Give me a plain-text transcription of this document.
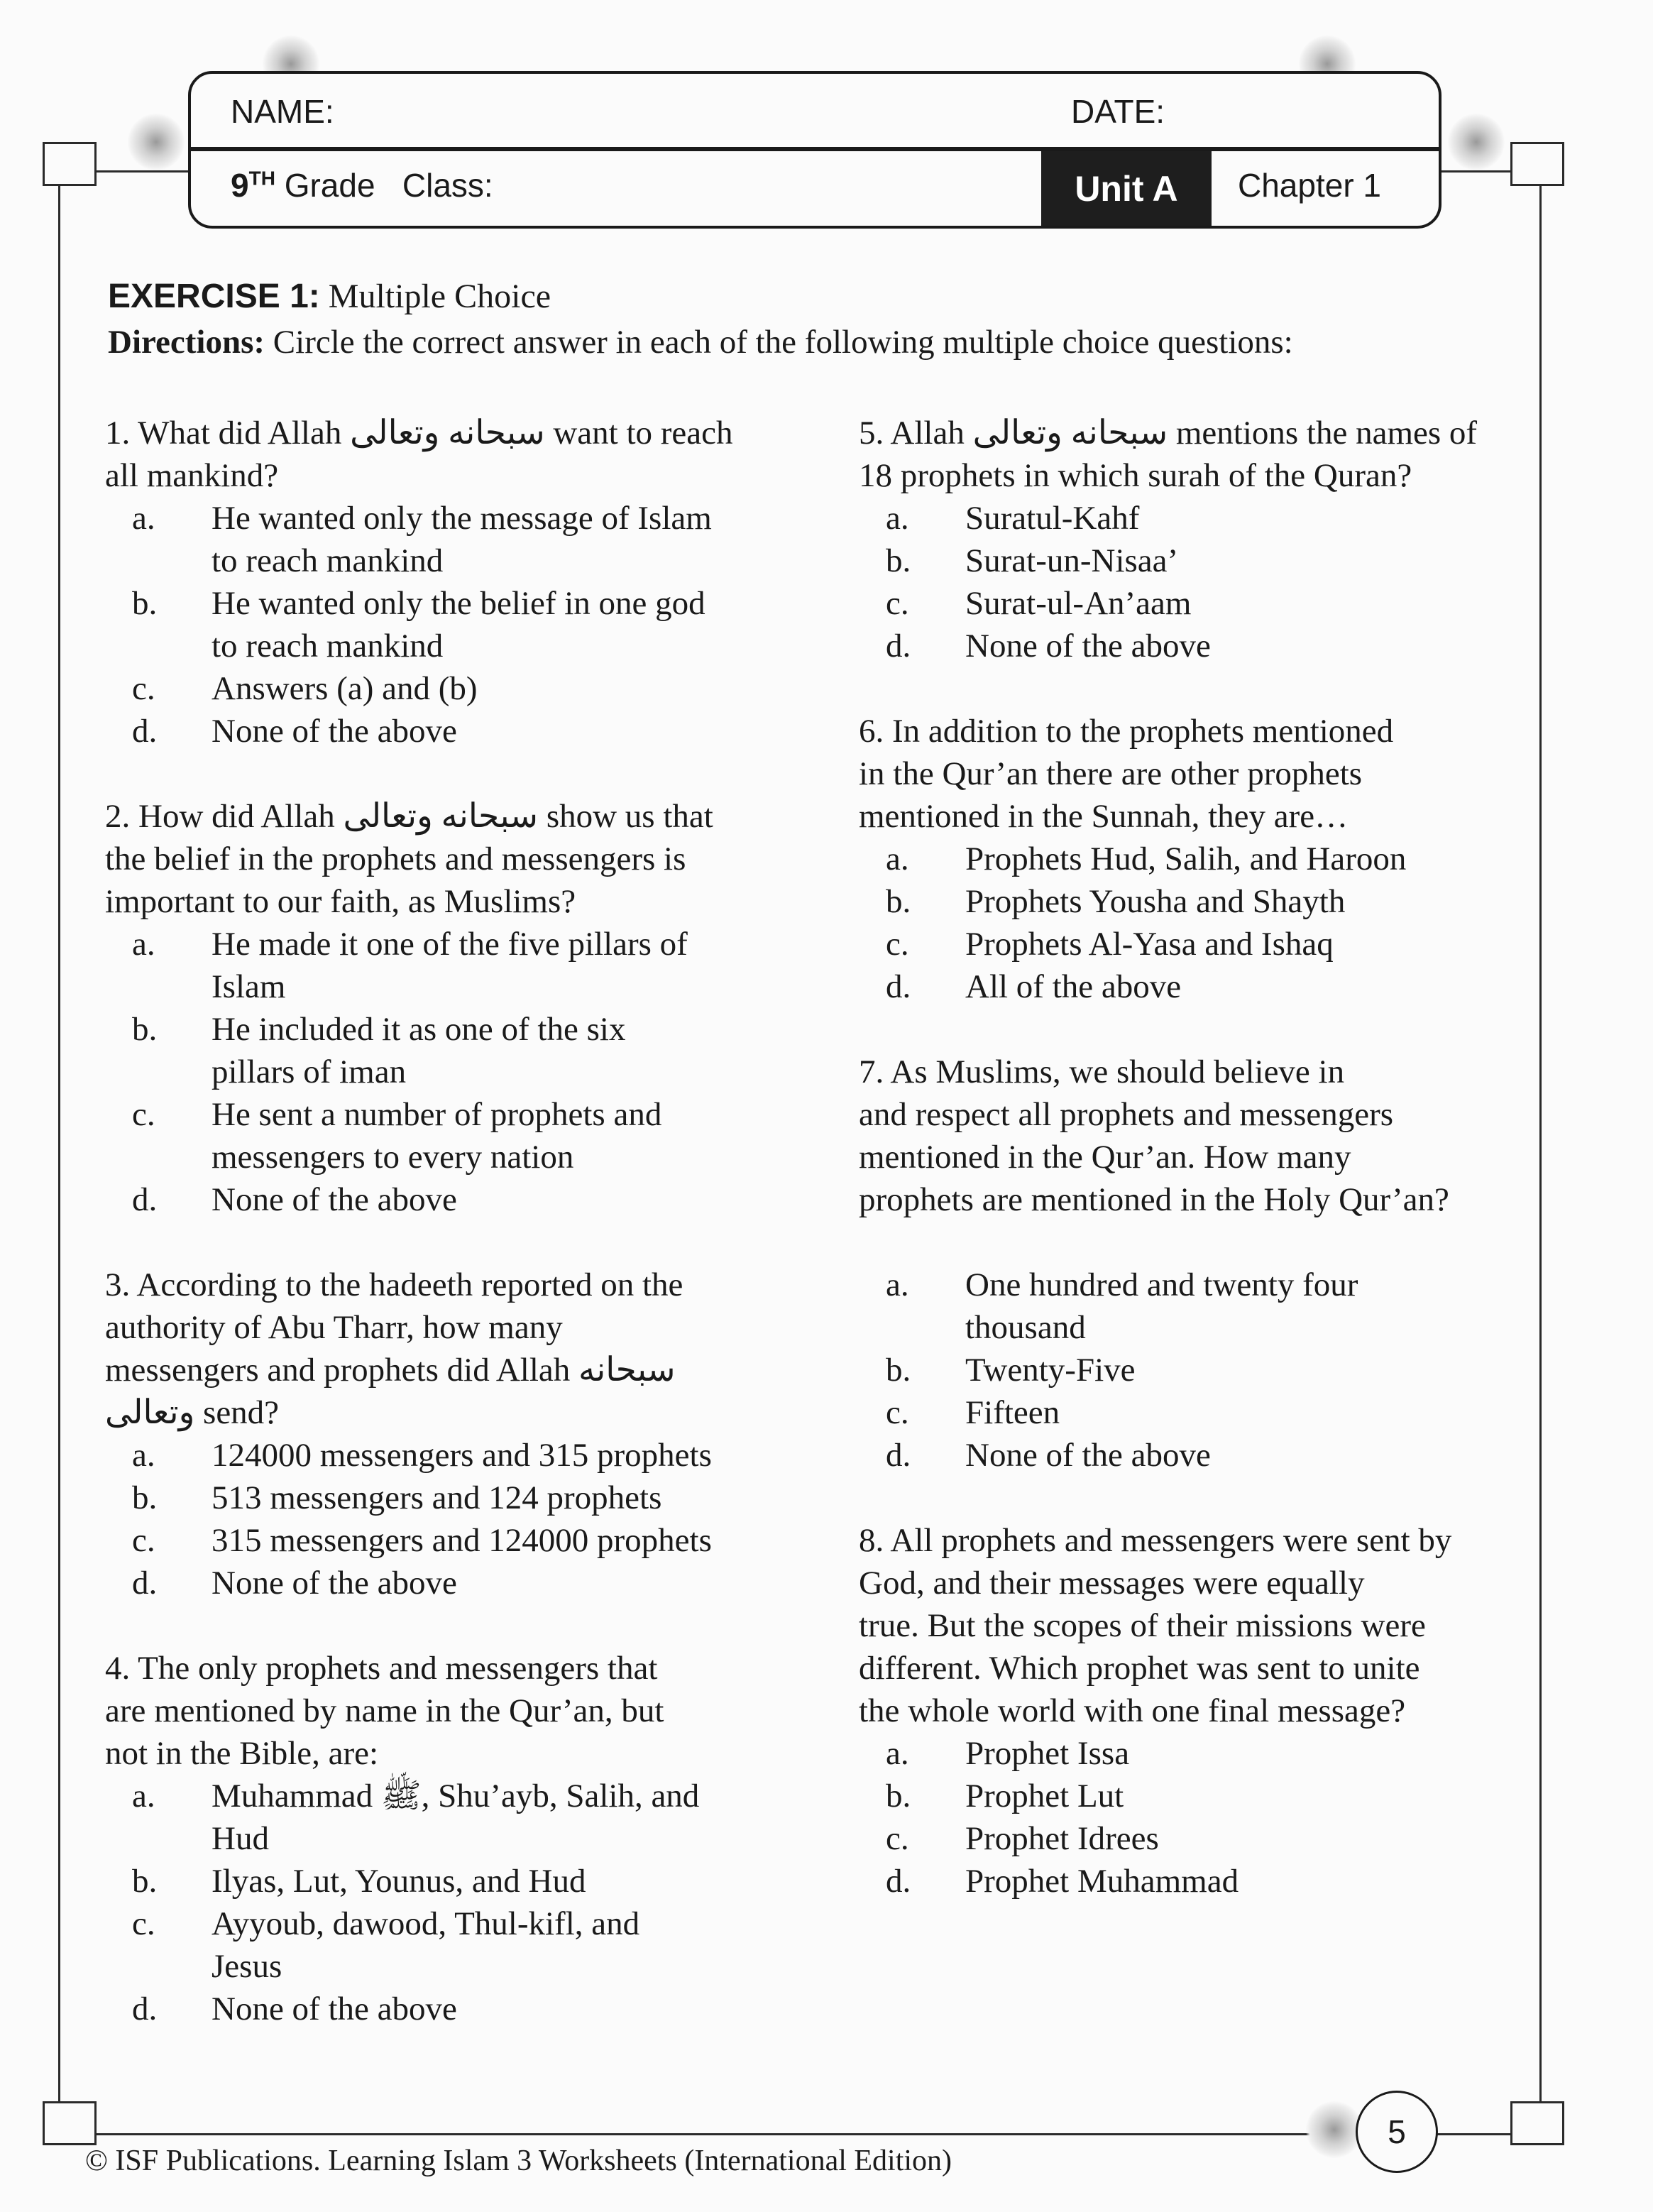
NAME:	DATE:
9TH Grade   Class:	Unit A	Chapter 1
EXERCISE 1: Multiple Choice
Directions: Circle the correct answer in each of the following multiple choice questions:
1. What did Allah سبحانه وتعالى want to reach
all mankind?
a.	He wanted only the message of Islam
to reach mankind
b.	He wanted only the belief in one god
to reach mankind
c.	Answers (a) and (b)
d.	None of the above
2. How did Allah سبحانه وتعالى show us that
the belief in the prophets and messengers is
important to our faith, as Muslims?
a.	He made it one of the five pillars of
Islam
b.	He included it as one of the six
pillars of iman
c.	He sent a number of prophets and
messengers to every nation
d.	None of the above
3. According to the hadeeth reported on the
authority of Abu Tharr, how many
messengers and prophets did Allah سبحانه
وتعالى send?
a.	124000 messengers and 315 prophets
b.	513 messengers and 124 prophets
c.	315 messengers and 124000 prophets
d.	None of the above
4. The only prophets and messengers that
are mentioned by name in the Qur’an, but
not in the Bible, are:
a.	Muhammad ﷺ, Shu’ayb, Salih, and
Hud
b.	Ilyas, Lut, Younus, and Hud
c.	Ayyoub, dawood, Thul-kifl, and
Jesus
d.	None of the above
5. Allah سبحانه وتعالى mentions the names of
18 prophets in which surah of the Quran?
a.	Suratul-Kahf
b.	Surat-un-Nisaa’
c.	Surat-ul-An’aam
d.	None of the above
6. In addition to the prophets mentioned
in the Qur’an there are other prophets
mentioned in the Sunnah, they are…
a.	Prophets Hud, Salih, and Haroon
b.	Prophets Yousha and Shayth
c.	Prophets Al-Yasa and Ishaq
d.	All of the above
7. As Muslims, we should believe in
and respect all prophets and messengers
mentioned in the Qur’an. How many
prophets are mentioned in the Holy Qur’an?
a.	One hundred and twenty four
thousand
b.	Twenty-Five
c.	Fifteen
d.	None of the above
8. All prophets and messengers were sent by
God, and their messages were equally
true. But the scopes of their missions were
different. Which prophet was sent to unite
the whole world with one final message?
a.	Prophet Issa
b.	Prophet Lut
c.	Prophet Idrees
d.	Prophet Muhammad
5
© ISF Publications. Learning Islam 3 Worksheets (International Edition)
